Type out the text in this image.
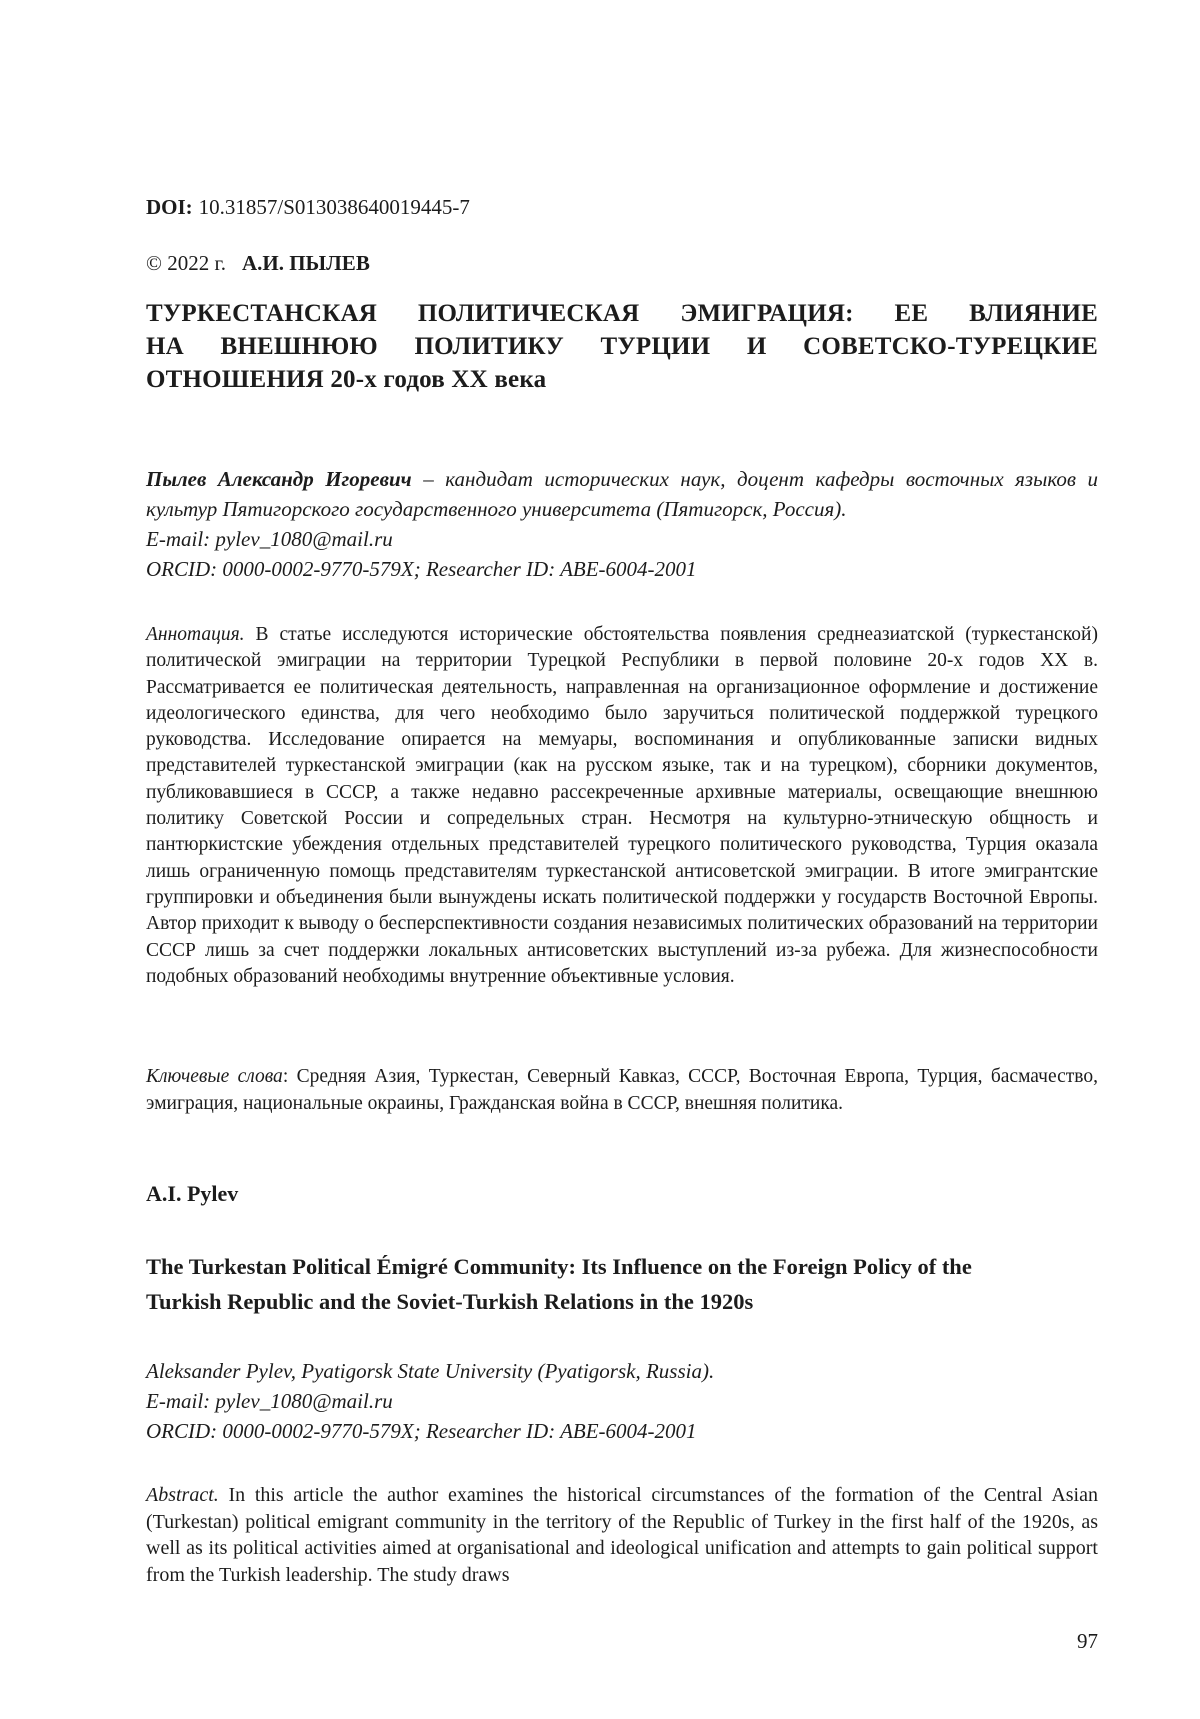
DOI: 10.31857/S013038640019445-7
© 2022 г. А.И. ПЫЛЕВ
ТУРКЕСТАНСКАЯ ПОЛИТИЧЕСКАЯ ЭМИГРАЦИЯ: ЕЕ ВЛИЯНИЕ
НА ВНЕШНЮЮ ПОЛИТИКУ ТУРЦИИ И СОВЕТСКО-ТУРЕЦКИЕ
ОТНОШЕНИЯ 20-х годов XX века
Пылев Александр Игоревич – кандидат исторических наук, доцент кафедры восточных языков и культур Пятигорского государственного университета (Пятигорск, Россия).
E-mail: pylev_1080@mail.ru
ORCID: 0000-0002-9770-579X; Researcher ID: ABE-6004-2001
Аннотация. В статье исследуются исторические обстоятельства появления среднеазиатской (туркестанской) политической эмиграции на территории Турецкой Республики в первой половине 20-х годов XX в. Рассматривается ее политическая деятельность, направленная на организационное оформление и достижение идеологического единства, для чего необходимо было заручиться политической поддержкой турецкого руководства. Исследование опирается на мемуары, воспоминания и опубликованные записки видных представителей туркестанской эмиграции (как на русском языке, так и на турецком), сборники документов, публиковавшиеся в СССР, а также недавно рассекреченные архивные материалы, освещающие внешнюю политику Советской России и сопредельных стран. Несмотря на культурно-этническую общность и пантюркистские убеждения отдельных представителей турецкого политического руководства, Турция оказала лишь ограниченную помощь представителям туркестанской антисоветской эмиграции. В итоге эмигрантские группировки и объединения были вынуждены искать политической поддержки у государств Восточной Европы. Автор приходит к выводу о бесперспективности создания независимых политических образований на территории СССР лишь за счет поддержки локальных антисоветских выступлений из-за рубежа. Для жизнеспособности подобных образований необходимы внутренние объективные условия.
Ключевые слова: Средняя Азия, Туркестан, Северный Кавказ, СССР, Восточная Европа, Турция, басмачество, эмиграция, национальные окраины, Гражданская война в СССР, внешняя политика.
A.I. Pylev
The Turkestan Political Émigré Community: Its Influence on the Foreign Policy of the
Turkish Republic and the Soviet-Turkish Relations in the 1920s
Aleksander Pylev, Pyatigorsk State University (Pyatigorsk, Russia).
E-mail: pylev_1080@mail.ru
ORCID: 0000-0002-9770-579X; Researcher ID: ABE-6004-2001
Abstract. In this article the author examines the historical circumstances of the formation of the Central Asian (Turkestan) political emigrant community in the territory of the Republic of Turkey in the first half of the 1920s, as well as its political activities aimed at organisational and ideological unification and attempts to gain political support from the Turkish leadership. The study draws
97
